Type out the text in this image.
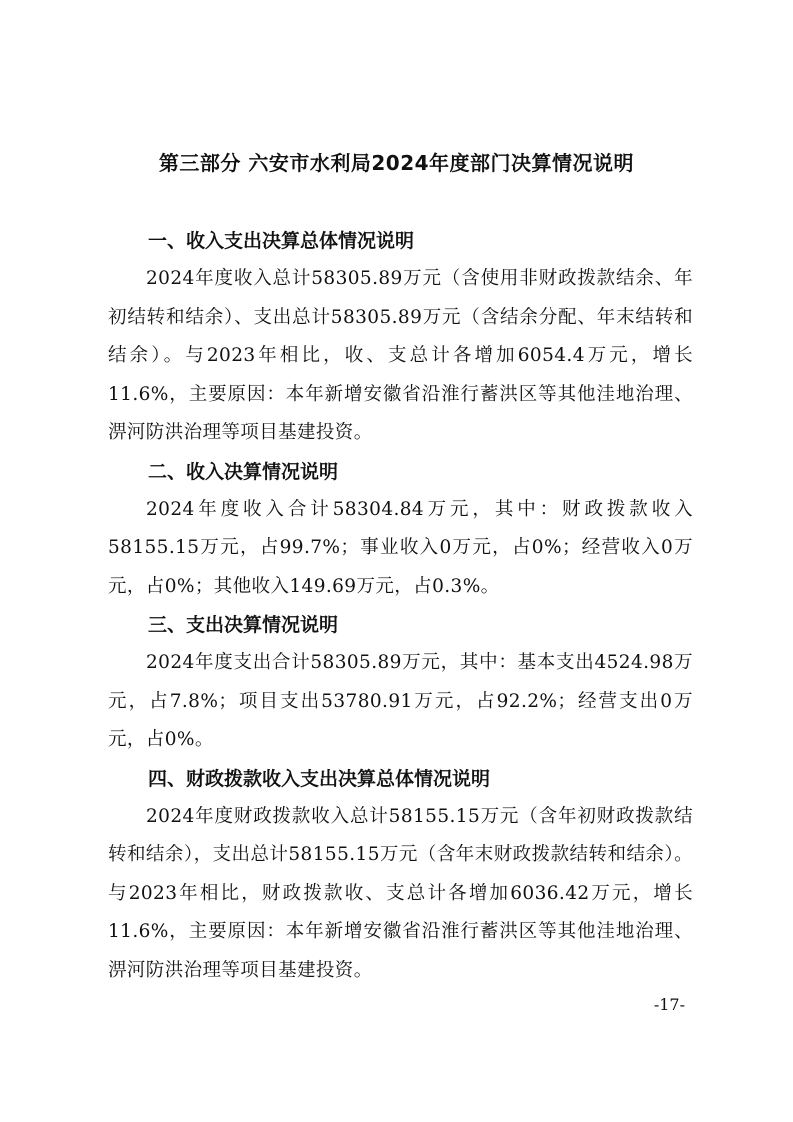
第三部分 六安市水利局2024年度部门决算情况说明

一、收入支出决算总体情况说明

2024年度收入总计58305.89万元（含使用非财政拨款结余、年初结转和结余）、支出总计58305.89万元（含结余分配、年末结转和结余）。与2023年相比，收、支总计各增加6054.4万元，增长11.6%，主要原因：本年新增安徽省沿淮行蓄洪区等其他洼地治理、淠河防洪治理等项目基建投资。

二、收入决算情况说明

2024年度收入合计58304.84万元，其中：财政拨款收入58155.15万元，占99.7%；事业收入0万元，占0%；经营收入0万元，占0%；其他收入149.69万元，占0.3%。

三、支出决算情况说明

2024年度支出合计58305.89万元，其中：基本支出4524.98万元，占7.8%；项目支出53780.91万元，占92.2%；经营支出0万元，占0%。

四、财政拨款收入支出决算总体情况说明

2024年度财政拨款收入总计58155.15万元（含年初财政拨款结转和结余），支出总计58155.15万元（含年末财政拨款结转和结余）。与2023年相比，财政拨款收、支总计各增加6036.42万元，增长11.6%，主要原因：本年新增安徽省沿淮行蓄洪区等其他洼地治理、淠河防洪治理等项目基建投资。

-17-
